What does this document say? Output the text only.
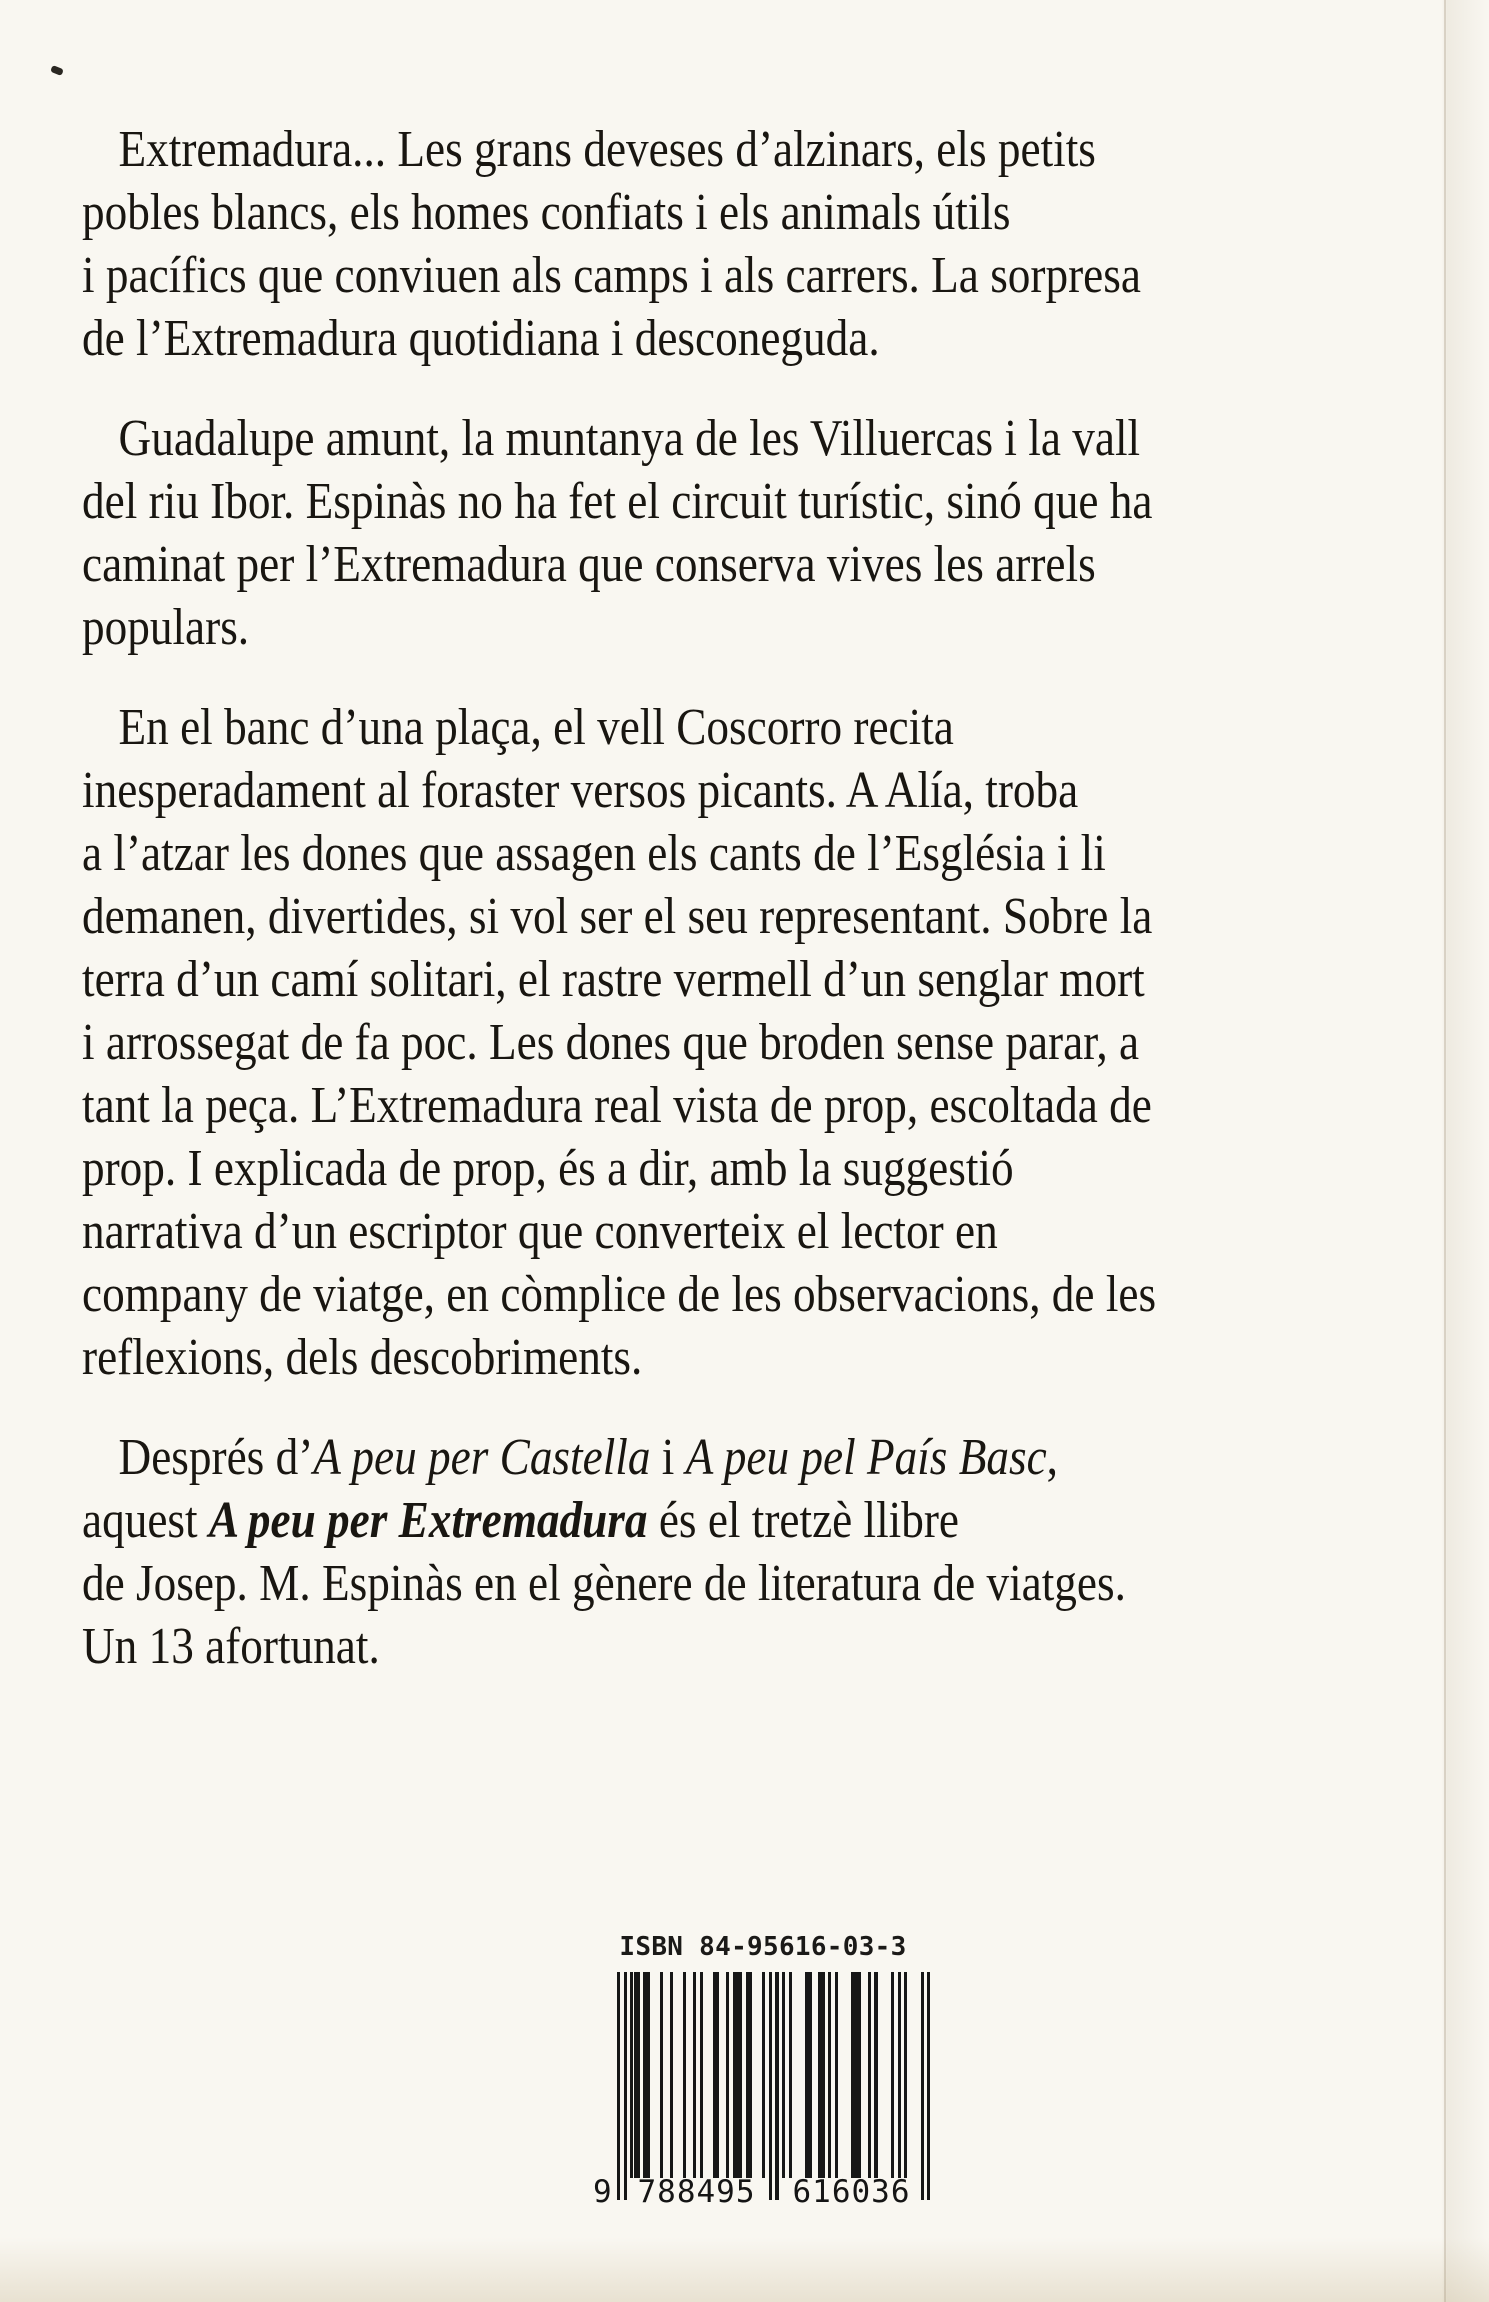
Extremadura... Les grans deveses d’alzinars, els petits
pobles blancs, els homes confiats i els animals útils
i pacífics que conviuen als camps i als carrers. La sorpresa
de l’Extremadura quotidiana i desconeguda.
Guadalupe amunt, la muntanya de les Villuercas i la vall
del riu Ibor. Espinàs no ha fet el circuit turístic, sinó que ha
caminat per l’Extremadura que conserva vives les arrels
populars.
En el banc d’una plaça, el vell Coscorro recita
inesperadament al foraster versos picants. A Alía, troba
a l’atzar les dones que assagen els cants de l’Església i li
demanen, divertides, si vol ser el seu representant. Sobre la
terra d’un camí solitari, el rastre vermell d’un senglar mort
i arrossegat de fa poc. Les dones que broden sense parar, a
tant la peça. L’Extremadura real vista de prop, escoltada de
prop. I explicada de prop, és a dir, amb la suggestió
narrativa d’un escriptor que converteix el lector en
company de viatge, en còmplice de les observacions, de les
reflexions, dels descobriments.
Després d’A peu per Castella i A peu pel País Basc,
aquest A peu per Extremadura és el tretzè llibre
de Josep. M. Espinàs en el gènere de literatura de viatges.
Un 13 afortunat.
ISBN 84-95616-03-3
9 788495	616036
